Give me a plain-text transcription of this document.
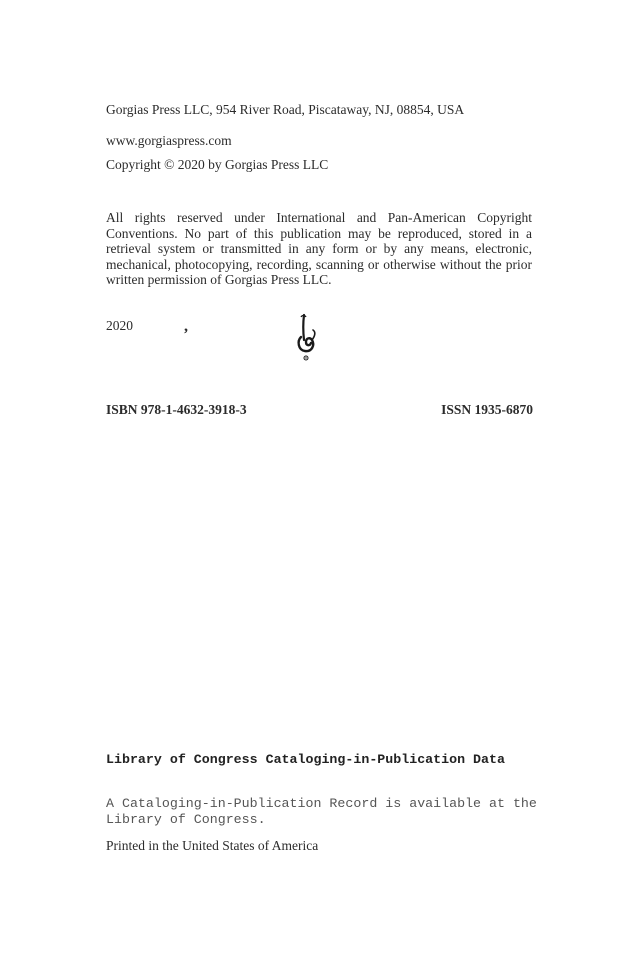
Gorgias Press LLC, 954 River Road, Piscataway, NJ, 08854, USA
www.gorgiaspress.com
Copyright © 2020 by Gorgias Press LLC
All rights reserved under International and Pan-American Copyright Conventions. No part of this publication may be reproduced, stored in a retrieval system or transmitted in any form or by any means, electronic, mechanical, photocopying, recording, scanning or otherwise without the prior written permission of Gorgias Press LLC.
2020	,
ISBN 978-1-4632-3918-3	ISSN 1935-6870
Library of Congress Cataloging-in-Publication Data
A Cataloging-in-Publication Record is available at the Library of Congress.
Printed in the United States of America
